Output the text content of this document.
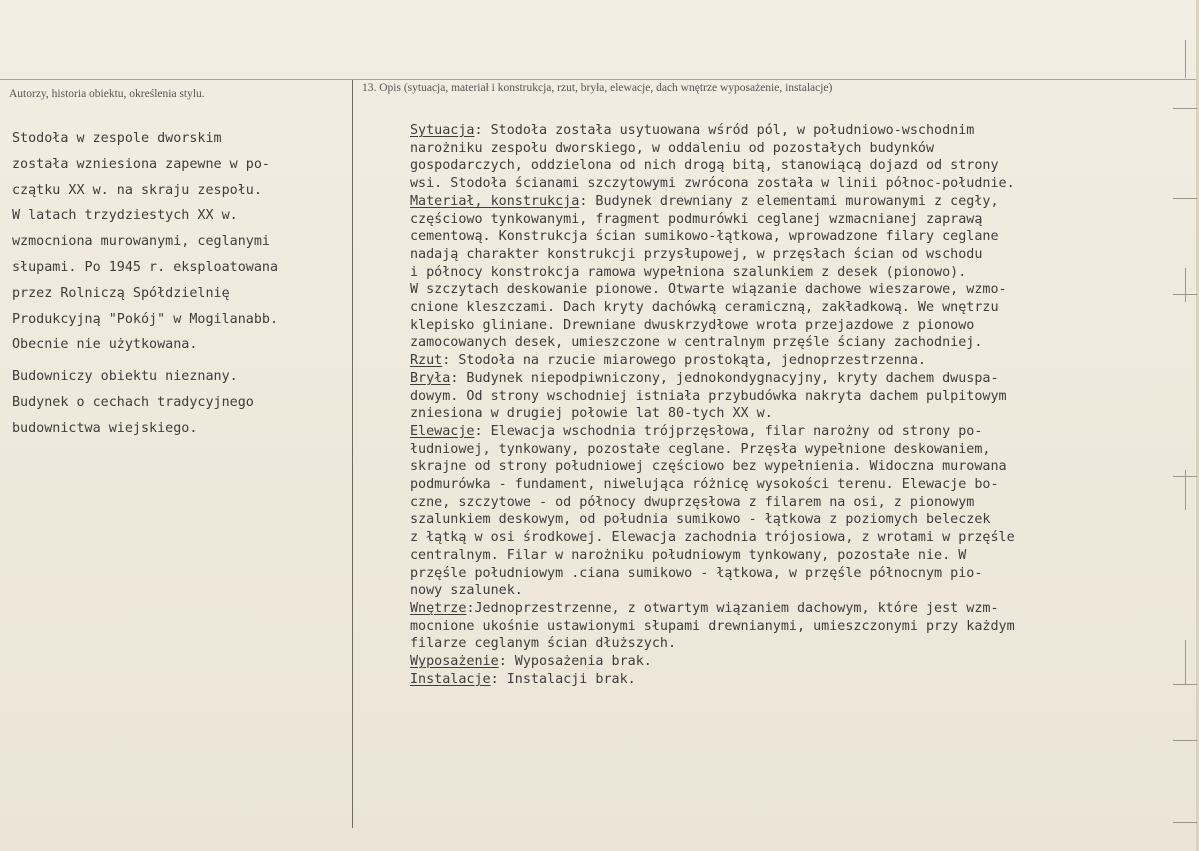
Autorzy, historia obiektu, określenia stylu.	13. Opis (sytuacja, materiał i konstrukcja, rzut, bryła, elewacje, dach wnętrze wyposażenie, instalacje)
Stodoła w zespole dworskim
została wzniesiona zapewne w po-
czątku XX w. na skraju zespołu.
W latach trzydziestych XX w.
wzmocniona murowanymi, ceglanymi
słupami. Po 1945 r. eksploatowana
przez Rolniczą Spółdzielnię
Produkcyjną "Pokój" w Mogilanabb.
Obecnie nie użytkowana.
Budowniczy obiektu nieznany.
Budynek o cechach tradycyjnego
budownictwa wiejskiego.
Sytuacja: Stodoła została usytuowana wśród pól, w południowo-wschodnim
narożniku zespołu dworskiego, w oddaleniu od pozostałych budynków
gospodarczych, oddzielona od nich drogą bitą, stanowiącą dojazd od strony
wsi. Stodoła ścianami szczytowymi zwrócona została w linii północ-południe.
Materiał, konstrukcja: Budynek drewniany z elementami murowanymi z cegły,
częściowo tynkowanymi, fragment podmurówki ceglanej wzmacnianej zaprawą
cementową. Konstrukcja ścian sumikowo-łątkowa, wprowadzone filary ceglane
nadają charakter konstrukcji przysłupowej, w przęsłach ścian od wschodu
i północy konstrokcja ramowa wypełniona szalunkiem z desek (pionowo).
W szczytach deskowanie pionowe. Otwarte wiązanie dachowe wieszarowe, wzmo-
cnione kleszczami. Dach kryty dachówką ceramiczną, zakładkową. We wnętrzu
klepisko gliniane. Drewniane dwuskrzydłowe wrota przejazdowe z pionowo
zamocowanych desek, umieszczone w centralnym przęśle ściany zachodniej.
Rzut: Stodoła na rzucie miarowego prostokąta, jednoprzestrzenna.
Bryła: Budynek niepodpiwniczony, jednokondygnacyjny, kryty dachem dwuspa-
dowym. Od strony wschodniej istniała przybudówka nakryta dachem pulpitowym
zniesiona w drugiej połowie lat 80-tych XX w.
Elewacje: Elewacja wschodnia trójprzęsłowa, filar narożny od strony po-
łudniowej, tynkowany, pozostałe ceglane. Przęsła wypełnione deskowaniem,
skrajne od strony południowej częściowo bez wypełnienia. Widoczna murowana
podmurówka - fundament, niwelująca różnicę wysokości terenu. Elewacje bo-
czne, szczytowe - od północy dwuprzęsłowa z filarem na osi, z pionowym
szalunkiem deskowym, od południa sumikowo - łątkowa z poziomych beleczek
z łątką w osi środkowej. Elewacja zachodnia trójosiowa, z wrotami w przęśle
centralnym. Filar w narożniku południowym tynkowany, pozostałe nie. W
przęśle południowym .ciana sumikowo - łątkowa, w przęśle północnym pio-
nowy szalunek.
Wnętrze:Jednoprzestrzenne, z otwartym wiązaniem dachowym, które jest wzm-
mocnione ukośnie ustawionymi słupami drewnianymi, umieszczonymi przy każdym
filarze ceglanym ścian dłuższych.
Wyposażenie: Wyposażenia brak.
Instalacje: Instalacji brak.
